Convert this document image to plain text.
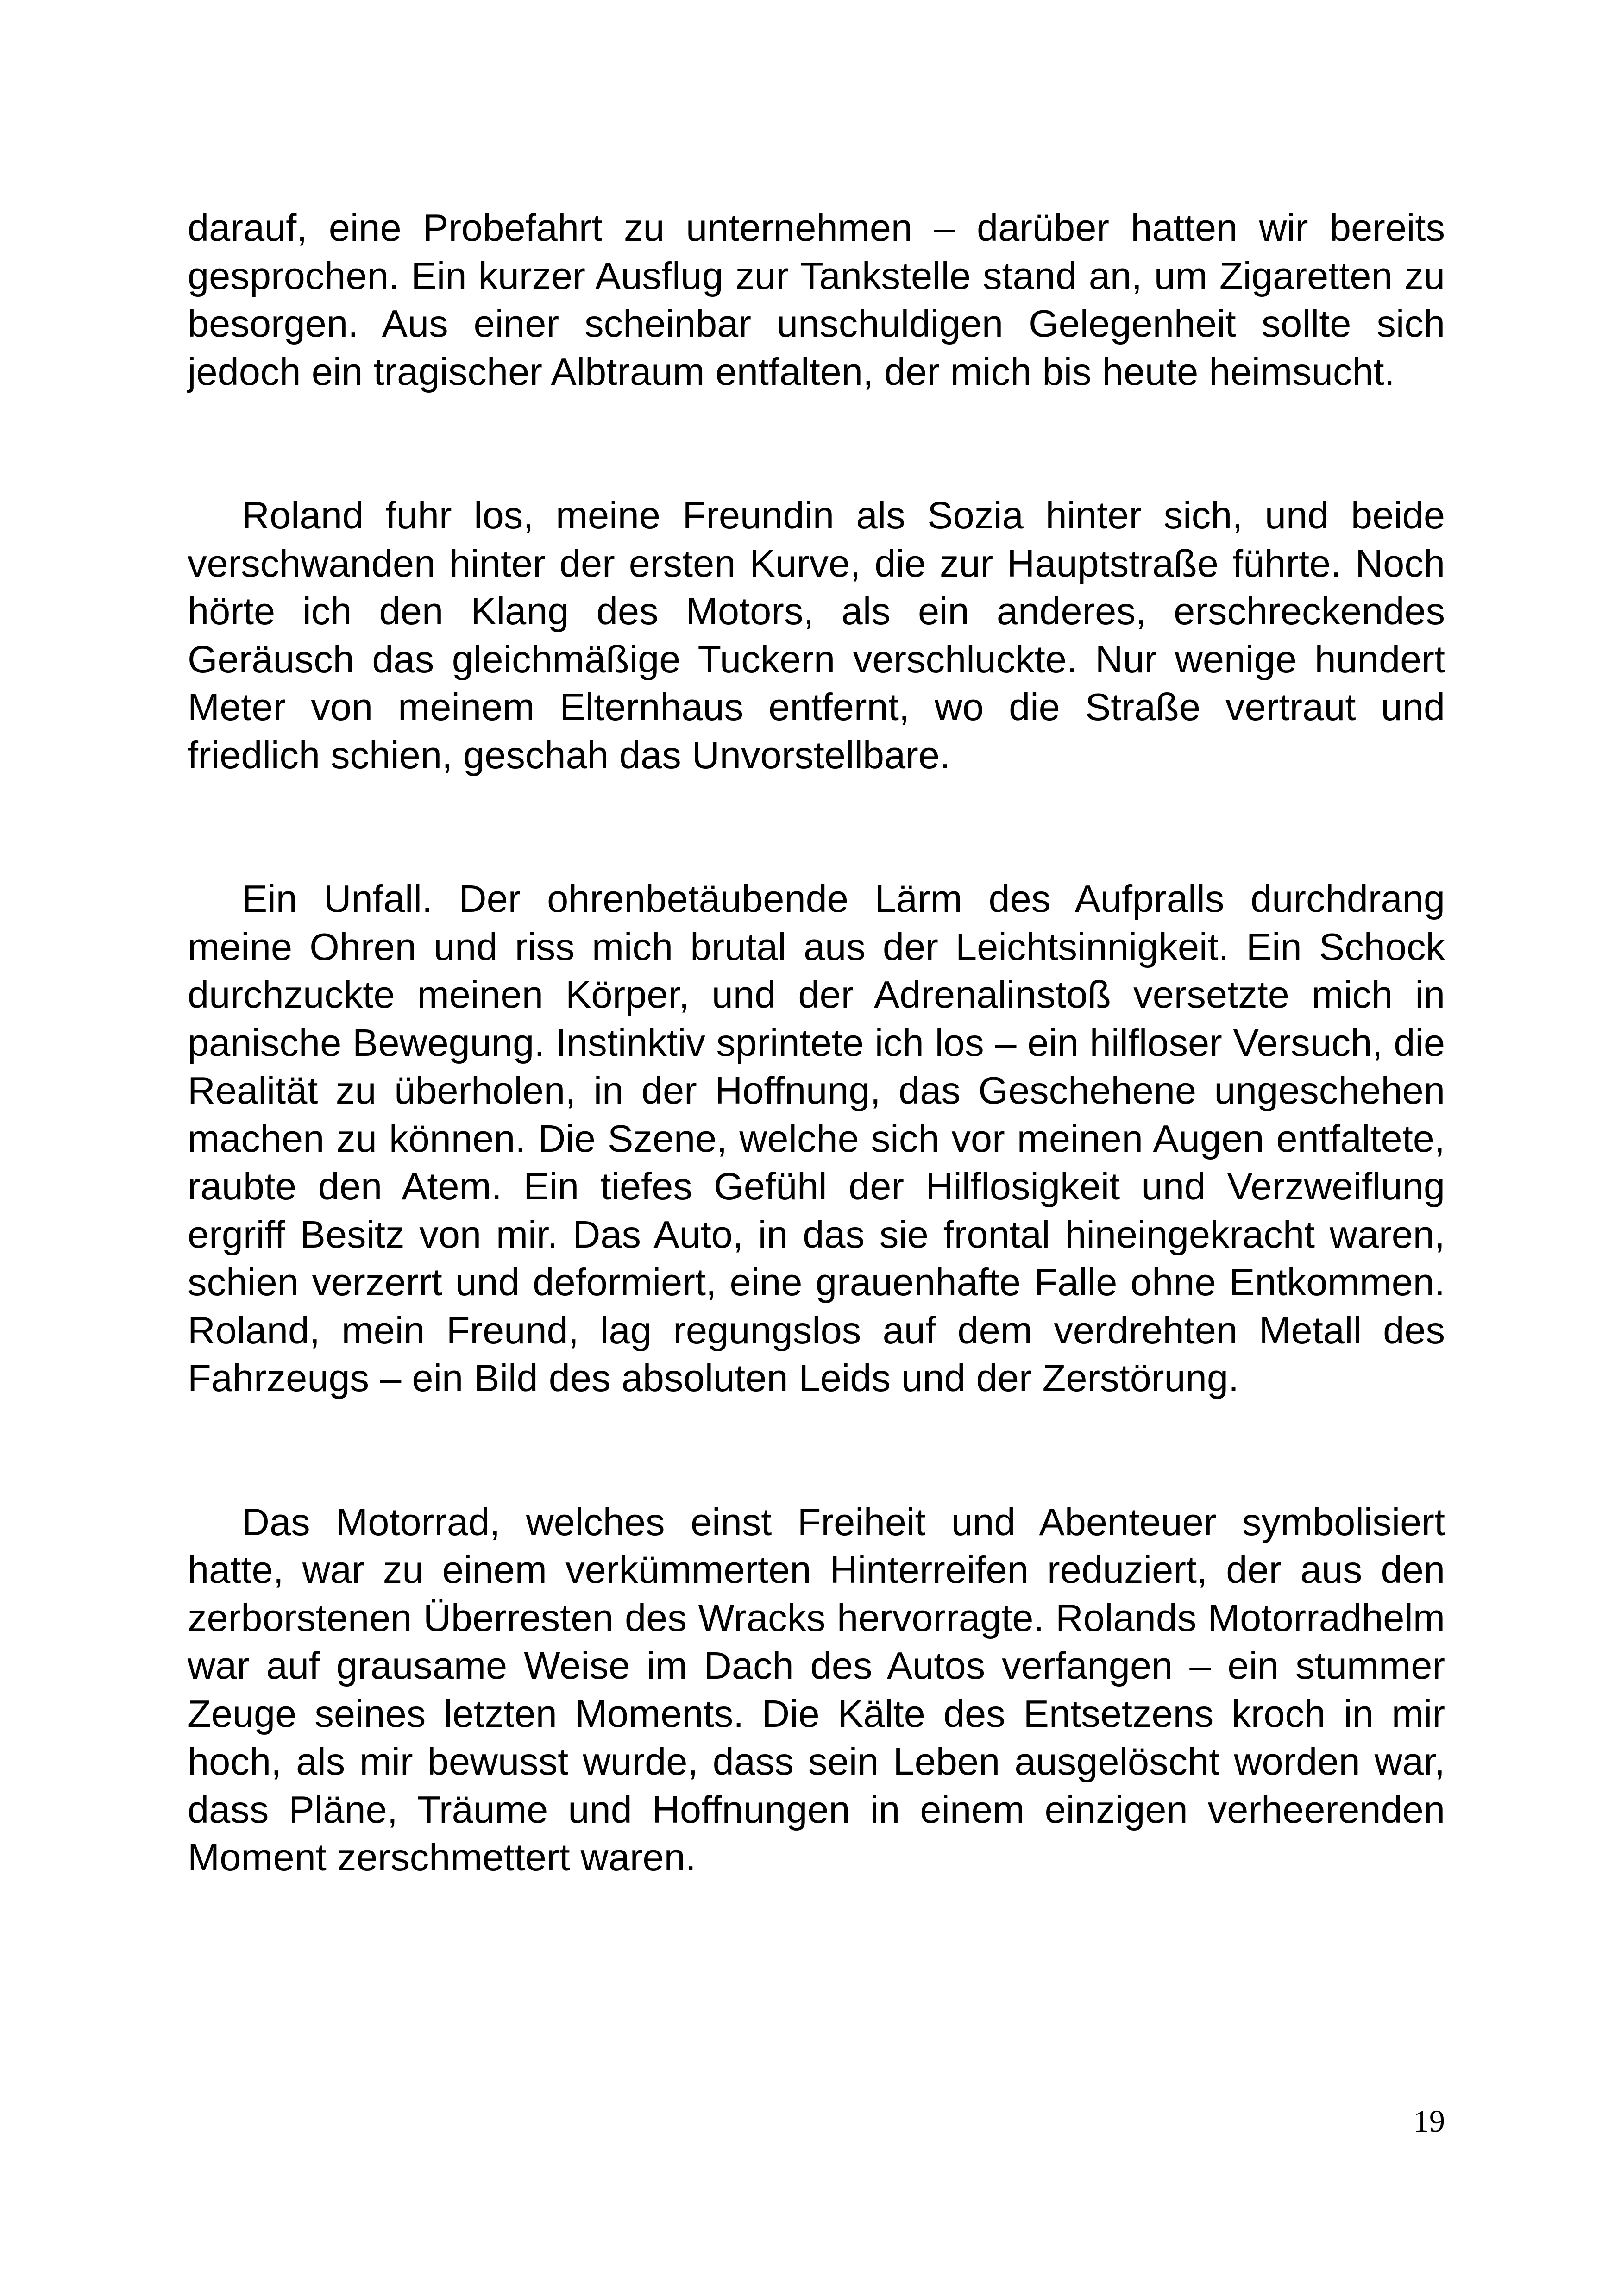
darauf, eine Probefahrt zu unternehmen – darüber hatten wir bereits gesprochen. Ein kurzer Ausflug zur Tankstelle stand an, um Zigaretten zu besorgen. Aus einer scheinbar unschuldigen Gelegenheit sollte sich jedoch ein tragischer Albtraum entfalten, der mich bis heute heimsucht.

Roland fuhr los, meine Freundin als Sozia hinter sich, und beide verschwanden hinter der ersten Kurve, die zur Hauptstraße führte. Noch hörte ich den Klang des Motors, als ein anderes, erschreckendes Geräusch das gleichmäßige Tuckern verschluckte. Nur wenige hundert Meter von meinem Elternhaus entfernt, wo die Straße vertraut und friedlich schien, geschah das Unvorstellbare.

Ein Unfall. Der ohrenbetäubende Lärm des Aufpralls durchdrang meine Ohren und riss mich brutal aus der Leichtsinnigkeit. Ein Schock durchzuckte meinen Körper, und der Adrenalinstoß versetzte mich in panische Bewegung. Instinktiv sprintete ich los – ein hilfloser Versuch, die Realität zu überholen, in der Hoffnung, das Geschehene ungeschehen machen zu können. Die Szene, welche sich vor meinen Augen entfaltete, raubte den Atem. Ein tiefes Gefühl der Hilflosigkeit und Verzweiflung ergriff Besitz von mir. Das Auto, in das sie frontal hineingekracht waren, schien verzerrt und deformiert, eine grauenhafte Falle ohne Entkommen. Roland, mein Freund, lag regungslos auf dem verdrehten Metall des Fahrzeugs – ein Bild des absoluten Leids und der Zerstörung.

Das Motorrad, welches einst Freiheit und Abenteuer symbolisiert hatte, war zu einem verkümmerten Hinterreifen reduziert, der aus den zerborstenen Überresten des Wracks hervorragte. Rolands Motorradhelm war auf grausame Weise im Dach des Autos verfangen – ein stummer Zeuge seines letzten Moments. Die Kälte des Entsetzens kroch in mir hoch, als mir bewusst wurde, dass sein Leben ausgelöscht worden war, dass Pläne, Träume und Hoffnungen in einem einzigen verheerenden Moment zerschmettert waren.

19
